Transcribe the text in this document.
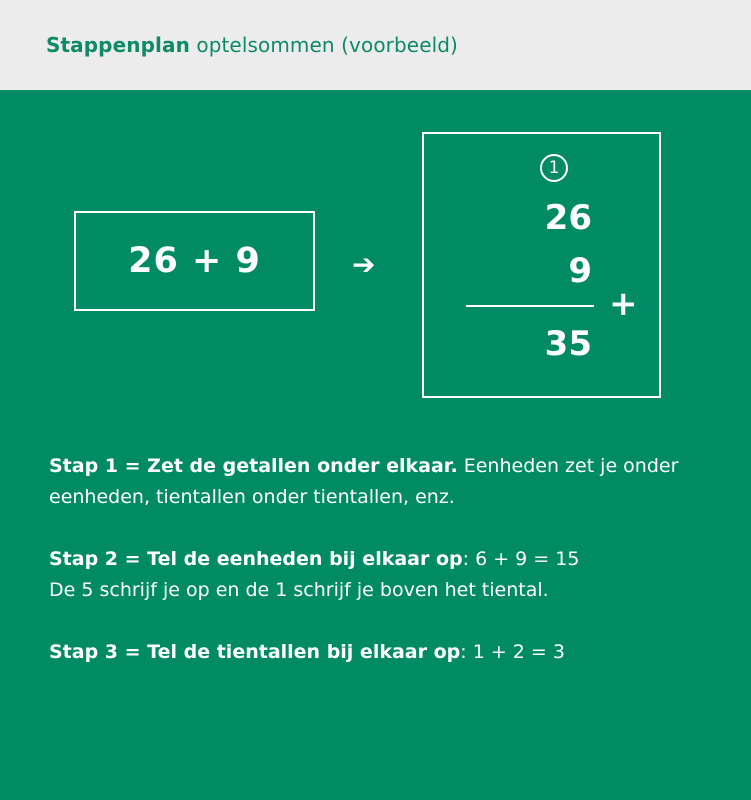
Stappenplan optelsommen (voorbeeld)
26 + 9	➔
1
26
9
+
35
Stap 1 = Zet de getallen onder elkaar. Eenheden zet je onder eenheden, tientallen onder tientallen, enz.
Stap 2 = Tel de eenheden bij elkaar op: 6 + 9 = 15
De 5 schrijf je op en de 1 schrijf je boven het tiental.
Stap 3 = Tel de tientallen bij elkaar op: 1 + 2 = 3
